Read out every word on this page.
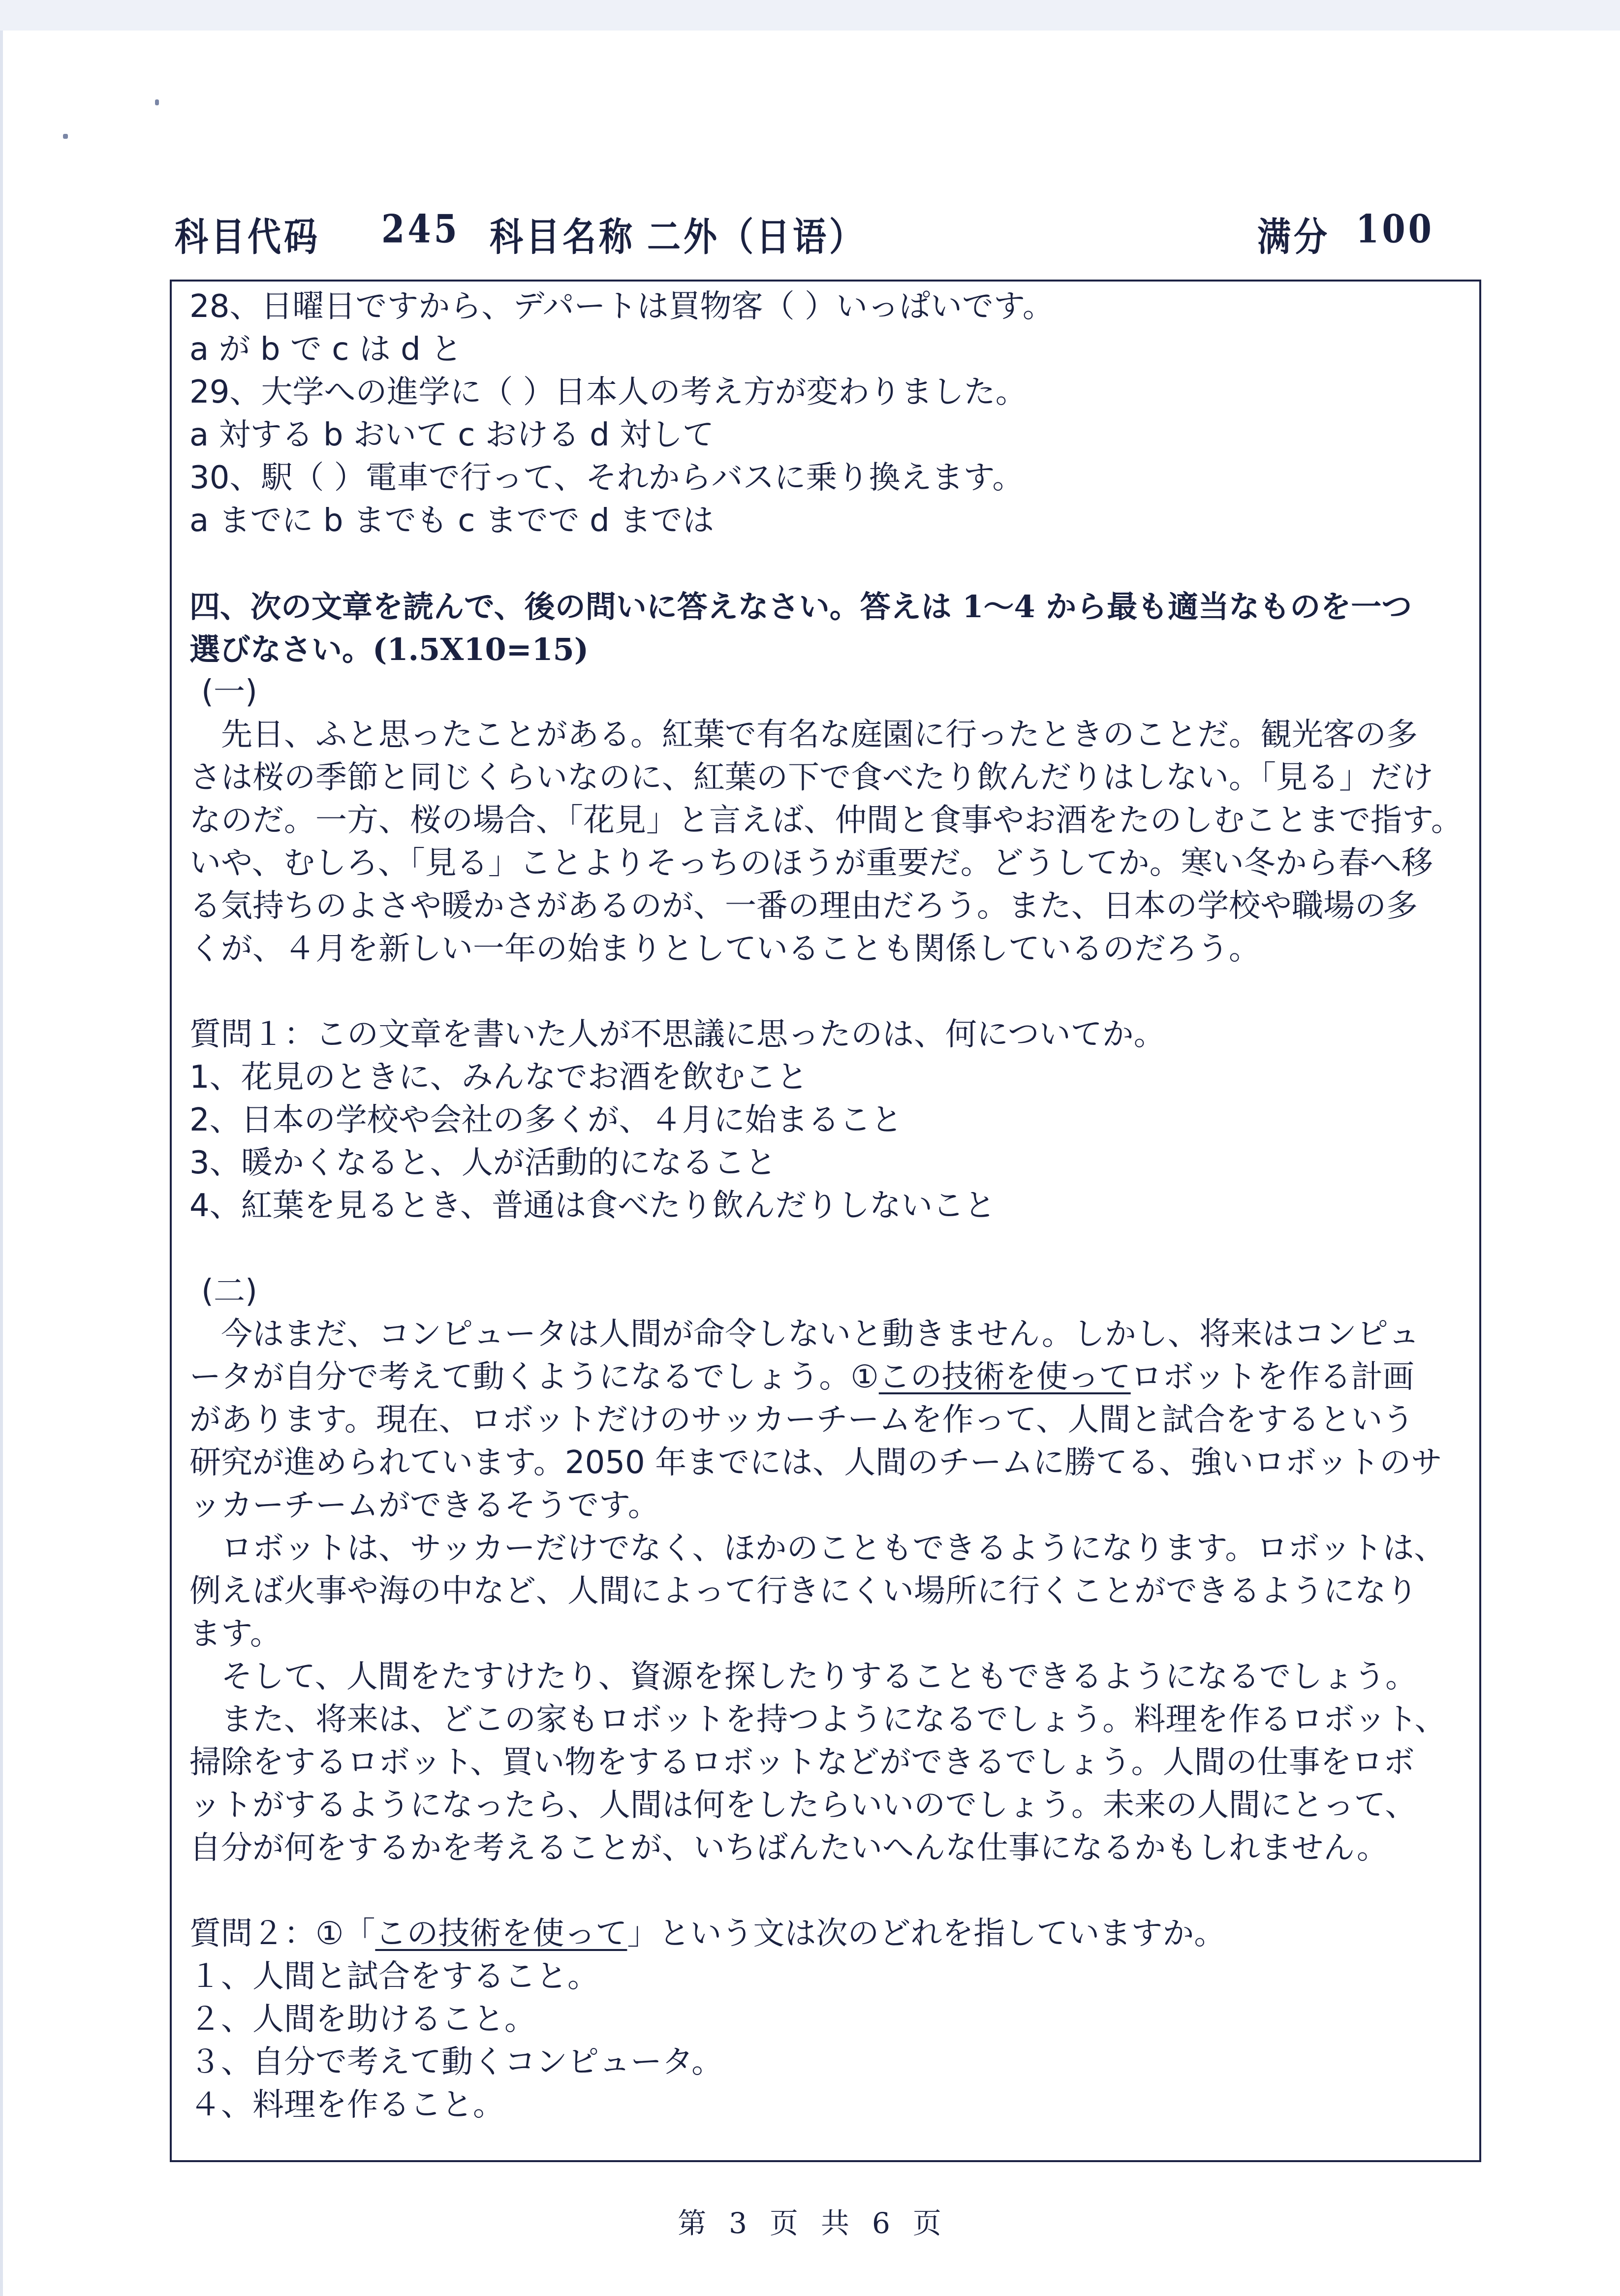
科目代码 245 科目名称 二外（日语）	满分 100
28、日曜日ですから、デパートは買物客（ ）いっぱいです。
a が b で c は d と
29、大学への進学に（ ）日本人の考え方が変わりました。
a 対する b おいて c おける d 対して
30、駅（ ）電車で行って、それからバスに乗り換えます。
a までに b までも c までで d までは
四、次の文章を読んで、後の問いに答えなさい。答えは 1～4 から最も適当なものを一つ
選びなさい。(1.5X10=15)
(一)
先日、ふと思ったことがある。紅葉で有名な庭園に行ったときのことだ。観光客の多
さは桜の季節と同じくらいなのに、紅葉の下で食べたり飲んだりはしない。「見る」だけ
なのだ。一方、桜の場合、「花見」と言えば、仲間と食事やお酒をたのしむことまで指す。
いや、むしろ、「見る」ことよりそっちのほうが重要だ。どうしてか。寒い冬から春へ移
る気持ちのよさや暖かさがあるのが、一番の理由だろう。また、日本の学校や職場の多
くが、４月を新しい一年の始まりとしていることも関係しているのだろう。
質問１：この文章を書いた人が不思議に思ったのは、何についてか。
1、花見のときに、みんなでお酒を飲むこと
2、日本の学校や会社の多くが、４月に始まること
3、暖かくなると、人が活動的になること
4、紅葉を見るとき、普通は食べたり飲んだりしないこと
(二)
今はまだ、コンピュータは人間が命令しないと動きません。しかし、将来はコンピュ
ータが自分で考えて動くようになるでしょう。①この技術を使ってロボットを作る計画
があります。現在、ロボットだけのサッカーチームを作って、人間と試合をするという
研究が進められています。2050 年までには、人間のチームに勝てる、強いロボットのサ
ッカーチームができるそうです。
ロボットは、サッカーだけでなく、ほかのこともできるようになります。ロボットは、
例えば火事や海の中など、人間によって行きにくい場所に行くことができるようになり
ます。
そして、人間をたすけたり、資源を探したりすることもできるようになるでしょう。
また、将来は、どこの家もロボットを持つようになるでしょう。料理を作るロボット、
掃除をするロボット、買い物をするロボットなどができるでしょう。人間の仕事をロボ
ットがするようになったら、人間は何をしたらいいのでしょう。未来の人間にとって、
自分が何をするかを考えることが、いちばんたいへんな仕事になるかもしれません。
質問２：①「この技術を使って」という文は次のどれを指していますか。
１、人間と試合をすること。
２、人間を助けること。
３、自分で考えて動くコンピュータ。
４、料理を作ること。
第 3 页 共 6 页
